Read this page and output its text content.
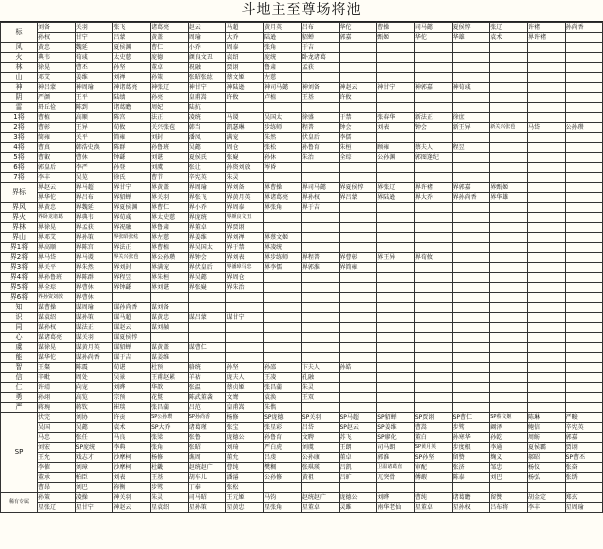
斗地主至尊场将池
标	刘备	关羽	张飞	诸葛亮	赵云	马超	黄月英	吕布	华佗	曹操	司马懿	夏侯惇	张辽	许褚	孙尚香
	孙权	甘宁	吕蒙	黄盖	周瑜	大乔	陆逊	貂蝉	郭嘉	甄姬	华佗	华雄	袁术	界许褚	
风	黄忠	魏延	夏侯渊	曹仁	小乔	周泰	张角	于吉							
火	典韦	荀彧	太史慈	庞德	颜良文丑	袁绍	庞统	卧龙诸葛							
林	徐晃	曹丕	孙坚	董卓	祝融	贾诩	鲁肃	孟获							
山	邓艾	姜维	刘禅	孙策	张昭张纮	蔡文姬	左慈								
神	神吕蒙	神周瑜	神诸葛亮	神张辽	神甘宁	神陆逊	神司马懿	神刘备	神赵云	神甘宁	神郭嘉	神荀彧			
阴	严颜	王平	陆绩	孙亮	皇甫嵩	许攸	卢植	王基	许攸						
雷	毌丘俭	陈到	诸葛瞻	周妃	陆抗										
1将	曹植	高顺	陈宫	法正	凌统	马谡	吴国太	徐盛	于禁	张春华	新法正	徐庶			
2将	曹彰	王异	荀攸	关兴张苞	韩当	凯瑟琳	步练师	程普	钟会	刘表	钟会	新王异	新关兴张苞	马岱	公孙瓒
3将	简雍	关平	简雍	刘封	潘凤	满宠	朱然	伏皇后	李儒						
4将	曹真	韩浩史涣	陈群	孙鲁班	吴懿	周仓	张松	孙鲁育	朱桓	顾雍	蔡夫人	程昱			
5将	曹叡	曹休	钟繇	刘谌	夏侯氏	张嶷	孙休	朱治	全琮	公孙渊	郭图逢纪				
6将	郭皇后	李严	孙登	刘虞	张让	孙资刘放	岑昏								
7将	李丰	吴苋	徐氏	曹节	辛宪英	朱灵									
界标	界赵云	界马超	界甘宁	界黄盖	界周瑜	界刘备	界曹操	界司马懿	界夏侯惇	界张辽	界许褚	界郭嘉	界甄姬		
	界华佗	界吕布	界貂蝉	界关羽	界张飞	界黄月英	界诸葛亮	界孙权	界吕蒙	界陆逊	界大乔	界孙尚香	界华雄		
界风	界黄忠	界魏延	界夏侯渊	界曹仁	界小乔	界周泰	界张角	界于吉							
界火	界卧龙诸葛	界典韦	界荀彧	界太史慈	界庞统	界颜良文丑									
界林	界徐晃	界孟获	界祝融	界鲁肃	界董卓	界贾诩									
界山	界邓艾	界孙策	界张昭张纮	界左慈	界姜维	界刘禅	界蔡文姬								
界1将	界高顺	界陈宫	界法正	界曹植	界吴国太	界于禁	界凌统								
界2将	界马岱	界马谡	界关兴张苞	界公孙瓒	界钟会	界刘表	界步练师	界程普	界曹彰	界王异	界荀攸				
界3将	界关平	界朱然	界刘封	界满宠	界伏皇后	界潘璋马忠	界李儒	界郭淮	界简雍						
界4将	界孙鲁班	界陈群	界程昱	界朱桓	界吴懿	界周仓									
界5将	界全琮	界曹休	界钟繇	界刘谌	界张嶷	界朱治									
界6将	界孙资刘放	界曹休													
知	谋曹操	谋周瑜	谋孙尚香	谋刘备											
识	谋袁绍	谋孙策	谋马超	谋黄忠	谋吕蒙	谋甘宁									
同	谋孙权	谋法正	谋赵云	谋刘赪											
心	谋诸葛亮	谋关羽	谋夏侯惇												
虞	谋徐晃	谋黄月英	谋貂蝉	谋黄盖	谋曹仁										
能	谋华佗	谋孙尚香	谋于吉	谋姜维											
智	王粲	陈震	荀谌	杜预	骆统	孙坚	孙邵	卞夫人	孙皓						
信	辛毗	周处	吴景	王甫赵累	羊祜	庞夫人	王凌	孔融							
仁	许靖	向宠	刘晔	华歆	张温	蔡贞姬	张昌蒲	朱灵							
勇	孙翊	高览	宗预	花鬘	陈武董袭	文鸯	袁涣	王双							
严	蒋琬	蒋钦	崔琰	张昌蒲	吕范	皇甫嵩	朱儁								
SP	伏完	刘协	许贡	SP公孙瓒	SP孙尚香	杨修	SP庞德	SP关羽	SP马超	SP貂蝉	SP贾诩	SP曹仁	SP蔡文姬	陈琳	严畯
	吴国	吴懿	袁术	SP大乔	诸葛瑾	张宝	张星彩	吕岱	SP赵云	SP姜维	曹嵩	步骘	阚泽	鲍信	辛宪英
	马忠	张任	马良	张梁	张鲁	庞德公	孙鲁育	文聘	苏飞	SP廖化	董白	孙寒华	孙乾	周鲂	郭嘉
	刘宏	SP庞统	李典	张角	张昭	刘琦	严白虎	刘虞	王朗	司马朗	SP黄月英	步度根	李通	夏侯霸	贾诩
	王允	戏志才	沙摩柯	杨修	谯周	董允	吕虔	公孙康	董卓	郭淮	SP孙坚	留赞	麹义	郝昭	SP曹丕
	李傕	刘璋	沙摩柯	杜畿	赵统赵广	曹纯	樊稠	张琪瑛	吕凯	卫温诸葛直	审配	张济	邹忠	杨仪	张奋
	董承	柏臣	刘表	王基	胡车儿	潘濬	公孙修	黄祖	吕旷	兀突骨	傅嘏	陈泰	刘巴	杨弘	张绣
	曹昂	刘巴	祢衡	步骘	丁奉	张松									
稀有专属	孙策	凌操	神关羽	朱灵	司马昭	王元姬	马钧	赵统赵广	庞德公	刘晔	曹纯	诸葛瞻	留赞	胡金定	郑玄
	星张辽	星甘宁	神赵云	星袁绍	星孙策	星黄忠	星张角	星董卓	灵雎	南华老仙	星董卓	星孙权	吕布将	李丰	星周瑜
